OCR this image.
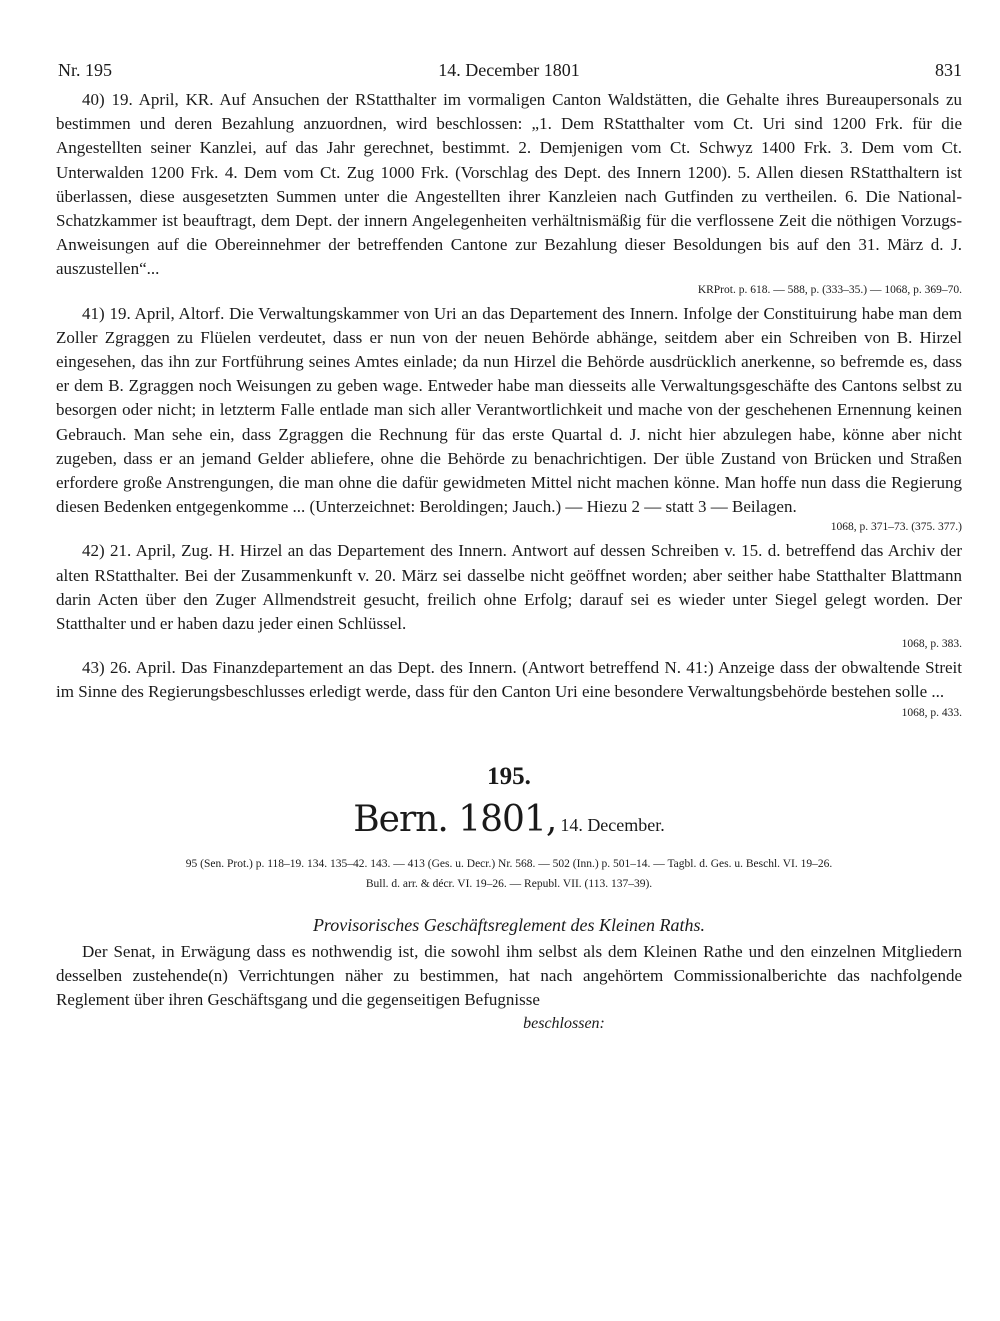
Nr. 195	14. December 1801	831

40) 19. April, KR. Auf Ansuchen der RStatthalter im vormaligen Canton Waldstätten, die Gehalte ihres Bureaupersonals zu bestimmen und deren Bezahlung anzuordnen, wird beschlossen: „1. Dem RStatthalter vom Ct. Uri sind 1200 Frk. für die Angestellten seiner Kanzlei, auf das Jahr gerechnet, bestimmt. 2. Demjenigen vom Ct. Schwyz 1400 Frk. 3. Dem vom Ct. Unterwalden 1200 Frk. 4. Dem vom Ct. Zug 1000 Frk. (Vorschlag des Dept. des Innern 1200). 5. Allen diesen RStatthaltern ist überlassen, diese ausgesetzten Summen unter die Angestellten ihrer Kanzleien nach Gutfinden zu vertheilen. 6. Die National-Schatzkammer ist beauftragt, dem Dept. der innern Angelegenheiten verhältnismäßig für die verflossene Zeit die nöthigen Vorzugs-Anweisungen auf die Obereinnehmer der betreffenden Cantone zur Bezahlung dieser Besoldungen bis auf den 31. März d. J. auszustellen“...

KRProt. p. 618. — 588, p. (333–35.) — 1068, p. 369–70.

41) 19. April, Altorf. Die Verwaltungskammer von Uri an das Departement des Innern. Infolge der Constituirung habe man dem Zoller Zgraggen zu Flüelen verdeutet, dass er nun von der neuen Behörde abhänge, seitdem aber ein Schreiben von B. Hirzel eingesehen, das ihn zur Fortführung seines Amtes einlade; da nun Hirzel die Behörde ausdrücklich anerkenne, so befremde es, dass er dem B. Zgraggen noch Weisungen zu geben wage. Entweder habe man diesseits alle Verwaltungsgeschäfte des Cantons selbst zu besorgen oder nicht; in letzterm Falle entlade man sich aller Verantwortlichkeit und mache von der geschehenen Ernennung keinen Gebrauch. Man sehe ein, dass Zgraggen die Rechnung für das erste Quartal d. J. nicht hier abzulegen habe, könne aber nicht zugeben, dass er an jemand Gelder abliefere, ohne die Behörde zu benachrichtigen. Der üble Zustand von Brücken und Straßen erfordere große Anstrengungen, die man ohne die dafür gewidmeten Mittel nicht machen könne. Man hoffe nun dass die Regierung diesen Bedenken entgegenkomme ... (Unterzeichnet: Beroldingen; Jauch.) — Hiezu 2 — statt 3 — Beilagen.

1068, p. 371–73. (375. 377.)

42) 21. April, Zug. H. Hirzel an das Departement des Innern. Antwort auf dessen Schreiben v. 15. d. betreffend das Archiv der alten RStatthalter. Bei der Zusammenkunft v. 20. März sei dasselbe nicht geöffnet worden; aber seither habe Statthalter Blattmann darin Acten über den Zuger Allmendstreit gesucht, freilich ohne Erfolg; darauf sei es wieder unter Siegel gelegt worden. Der Statthalter und er haben dazu jeder einen Schlüssel.

1068, p. 383.

43) 26. April. Das Finanzdepartement an das Dept. des Innern. (Antwort betreffend N. 41:) Anzeige dass der obwaltende Streit im Sinne des Regierungsbeschlusses erledigt werde, dass für den Canton Uri eine besondere Verwaltungsbehörde bestehen solle ...

1068, p. 433.

195.
Bern. 1801, 14. December.
95 (Sen. Prot.) p. 118–19. 134. 135–42. 143. — 413 (Ges. u. Decr.) Nr. 568. — 502 (Inn.) p. 501–14. — Tagbl. d. Ges. u. Beschl. VI. 19–26.
Bull. d. arr. & décr. VI. 19–26. — Republ. VII. (113. 137–39).
Provisorisches Geschäftsreglement des Kleinen Raths.

Der Senat, in Erwägung dass es nothwendig ist, die sowohl ihm selbst als dem Kleinen Rathe und den einzelnen Mitgliedern desselben zustehende(n) Verrichtungen näher zu bestimmen, hat nach angehörtem Commissionalberichte das nachfolgende Reglement über ihren Geschäftsgang und die gegenseitigen Befugnisse

beschlossen:
